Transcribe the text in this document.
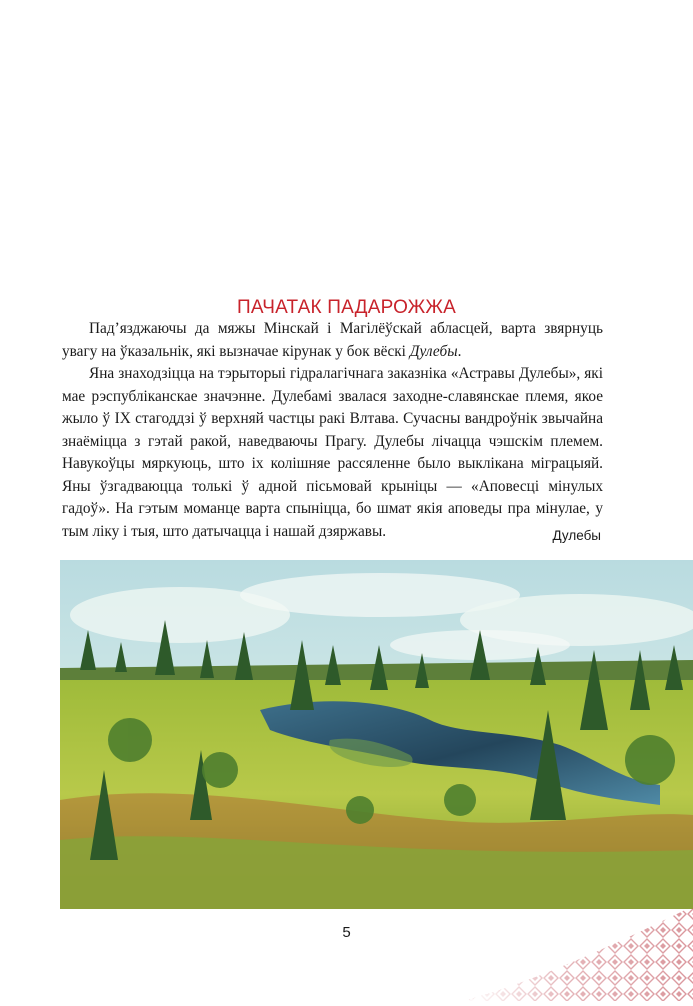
ПАЧАТАК ПАДАРОЖЖА

Пад’язджаючы да мяжы Мінскай і Магілёўскай абласцей, варта звярнуць увагу на ўказальнік, які вызначае кірунак у бок вёскі Дулебы.

Яна знаходзіцца на тэрыторыі гідралагічнага заказніка «Астравы Дулебы», які мае рэспубліканскае значэнне. Дулебамі звалася заходне-славянскае племя, якое жыло ў IX стагоддзі ў верхняй частцы ракі Влтава. Сучасны вандроўнік звычайна знаёміцца з гэтай ракой, наведваючы Прагу. Дулебы лічацца чэшскім племем. Навукоўцы мяркуюць, што іх колішняе рассяленне было выклікана міграцыяй. Яны ўзгадваюцца толькі ў адной пісьмовай крыніцы — «Аповесці мінулых гадоў». На гэтым моманце варта спыніцца, бо шмат якія аповеды пра мінулае, у тым ліку і тыя, што датычацца і нашай дзяржавы.	Дулебы
5
